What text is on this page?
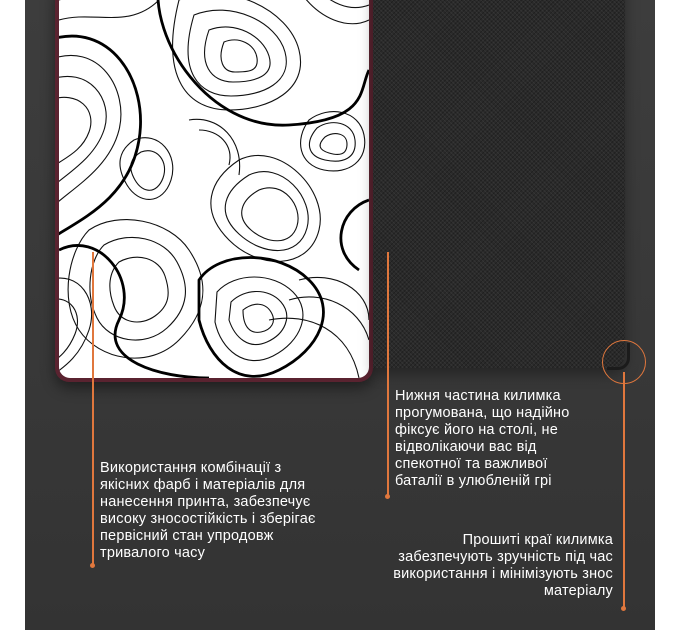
Використання комбінації з
якісних фарб і матеріалів для
нанесення принта, забезпечує
високу зносостійкість і зберігає
первісний стан упродовж
тривалого часу
Нижня частина килимка
прогумована, що надійно
фіксує його на столі, не
відволікаючи вас від
спекотної та важливої
баталії в улюбленій грі
Прошиті краї килимка
забезпечують зручність під час
використання і мінімізують знос
матеріалу
